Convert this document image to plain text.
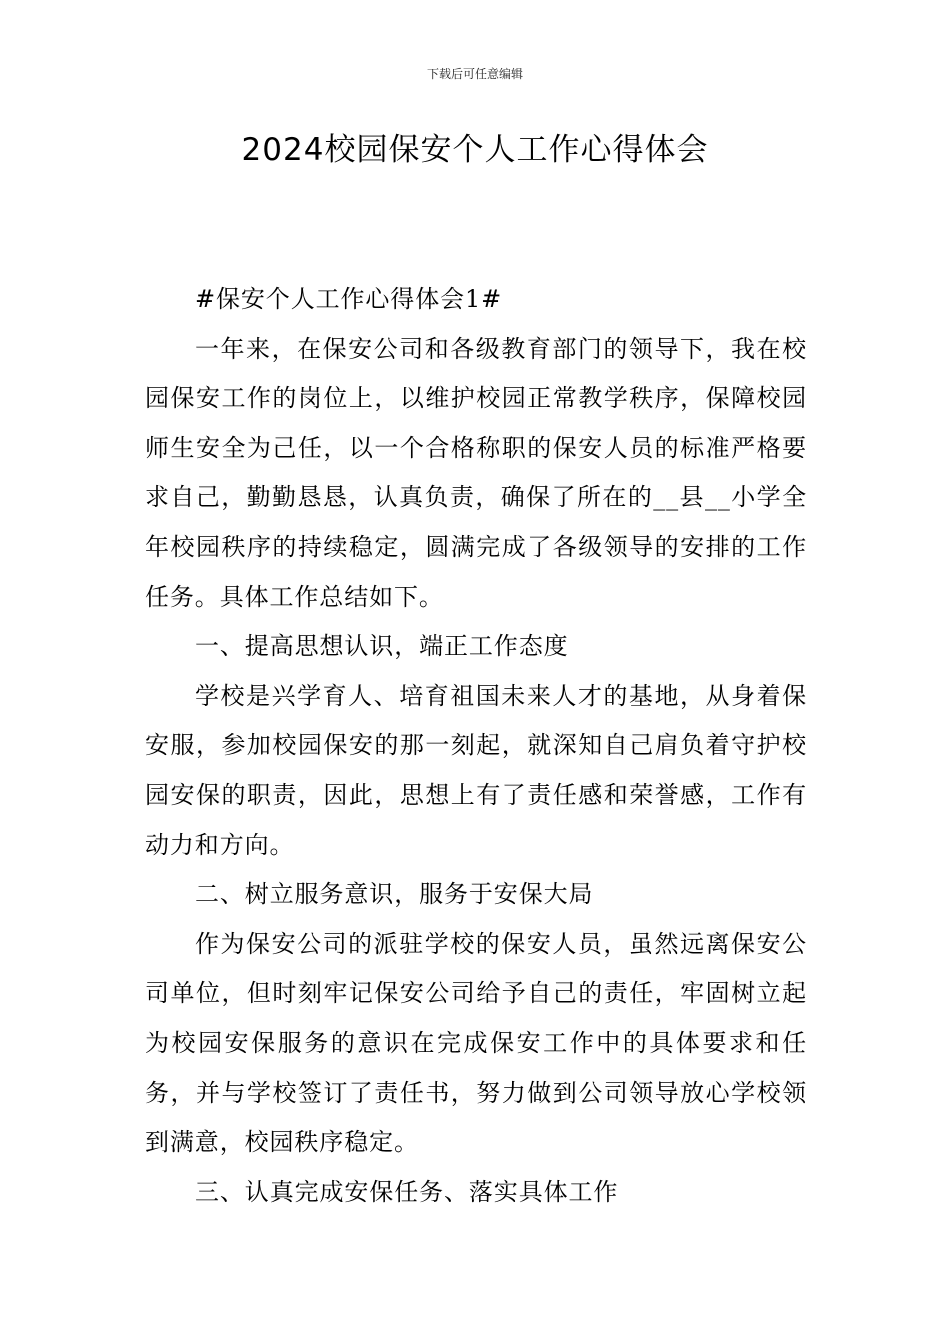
下载后可任意编辑
2024校园保安个人工作心得体会

#保安个人工作心得体会1#

一年来，在保安公司和各级教育部门的领导下，我在校园保安工作的岗位上，以维护校园正常教学秩序，保障校园师生安全为己任，以一个合格称职的保安人员的标准严格要求自己，勤勤恳恳，认真负责，确保了所在的__县__小学全年校园秩序的持续稳定，圆满完成了各级领导的安排的工作任务。具体工作总结如下。

一、提高思想认识，端正工作态度

学校是兴学育人、培育祖国未来人才的基地，从身着保安服，参加校园保安的那一刻起，就深知自己肩负着守护校园安保的职责，因此，思想上有了责任感和荣誉感，工作有动力和方向。

二、树立服务意识，服务于安保大局

作为保安公司的派驻学校的保安人员，虽然远离保安公司单位，但时刻牢记保安公司给予自己的责任，牢固树立起为校园安保服务的意识在完成保安工作中的具体要求和任务，并与学校签订了责任书，努力做到公司领导放心学校领到满意，校园秩序稳定。

三、认真完成安保任务、落实具体工作
